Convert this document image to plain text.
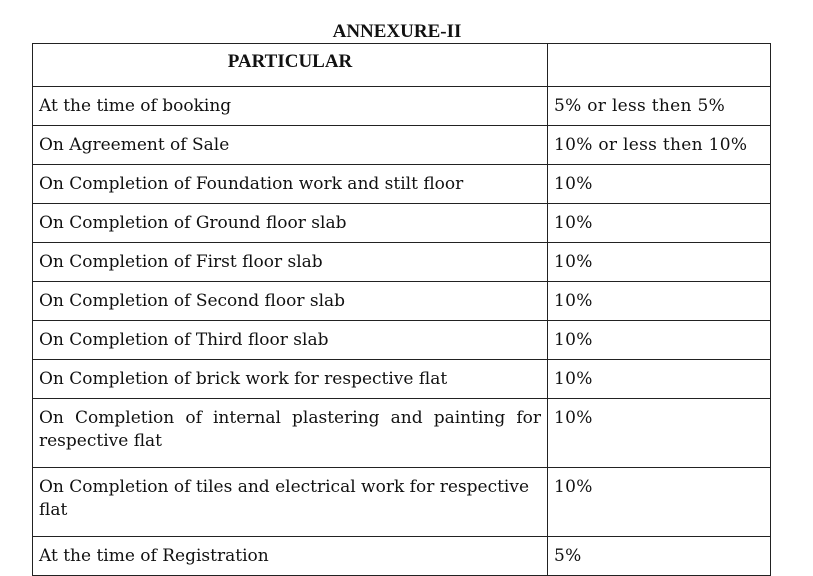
ANNEXURE-II
PARTICULAR	
At the time of booking	5% or less then 5%
On Agreement of Sale	10% or less then 10%
On Completion of Foundation work and stilt floor	10%
On Completion of Ground floor slab	10%
On Completion of First floor slab	10%
On Completion of Second floor slab	10%
On Completion of Third floor slab	10%
On Completion of brick work for respective flat	10%
On Completion of internal plastering and painting for respective flat	10%
On Completion of tiles and electrical work for respective flat	10%
At the time of Registration	5%
